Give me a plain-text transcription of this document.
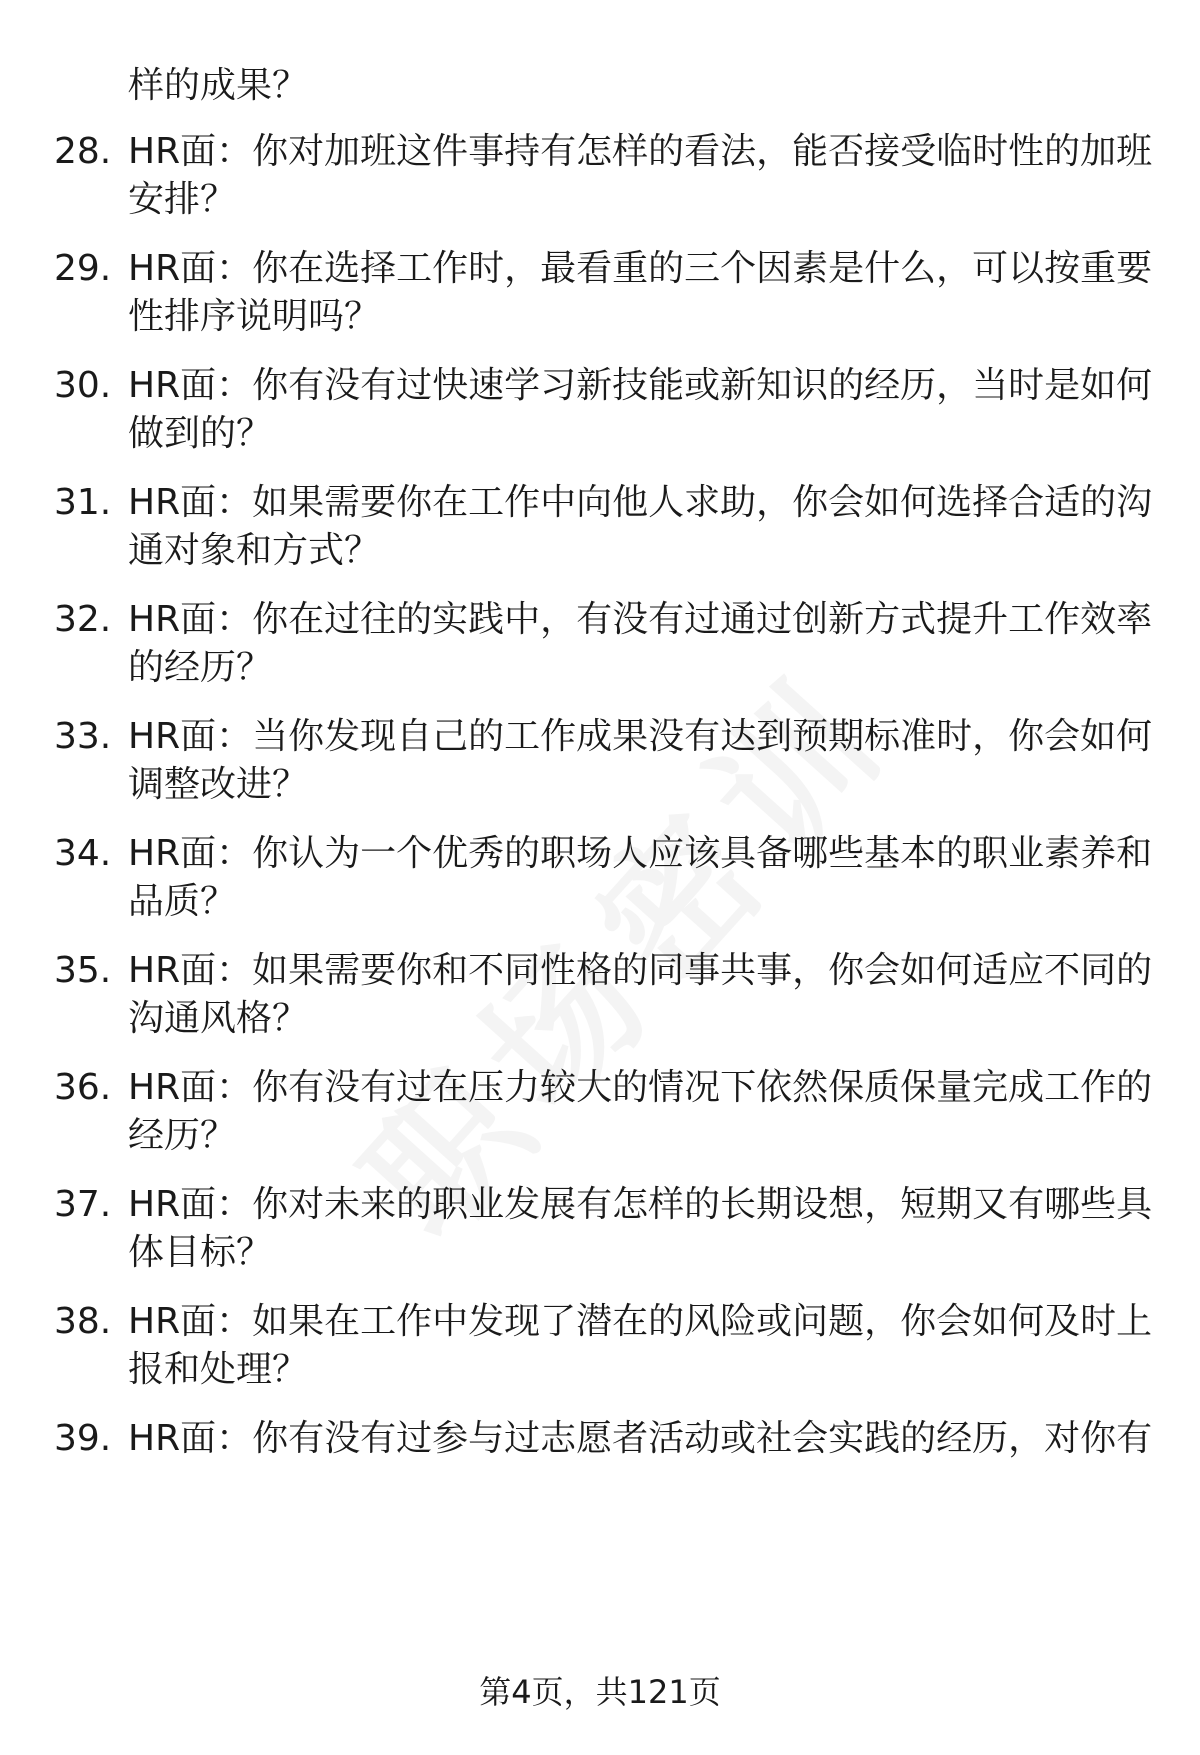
样的成果？
28. HR面：你对加班这件事持有怎样的看法，能否接受临时性的加班
安排？
29. HR面：你在选择工作时，最看重的三个因素是什么，可以按重要
性排序说明吗？
30. HR面：你有没有过快速学习新技能或新知识的经历，当时是如何
做到的？
31. HR面：如果需要你在工作中向他人求助，你会如何选择合适的沟
通对象和方式？
32. HR面：你在过往的实践中，有没有过通过创新方式提升工作效率
的经历？
33. HR面：当你发现自己的工作成果没有达到预期标准时，你会如何
调整改进？
34. HR面：你认为一个优秀的职场人应该具备哪些基本的职业素养和
品质？
35. HR面：如果需要你和不同性格的同事共事，你会如何适应不同的
沟通风格？
36. HR面：你有没有过在压力较大的情况下依然保质保量完成工作的
经历？
37. HR面：你对未来的职业发展有怎样的长期设想，短期又有哪些具
体目标？
38. HR面：如果在工作中发现了潜在的风险或问题，你会如何及时上
报和处理？
39. HR面：你有没有过参与过志愿者活动或社会实践的经历，对你有
第4页，共121页
